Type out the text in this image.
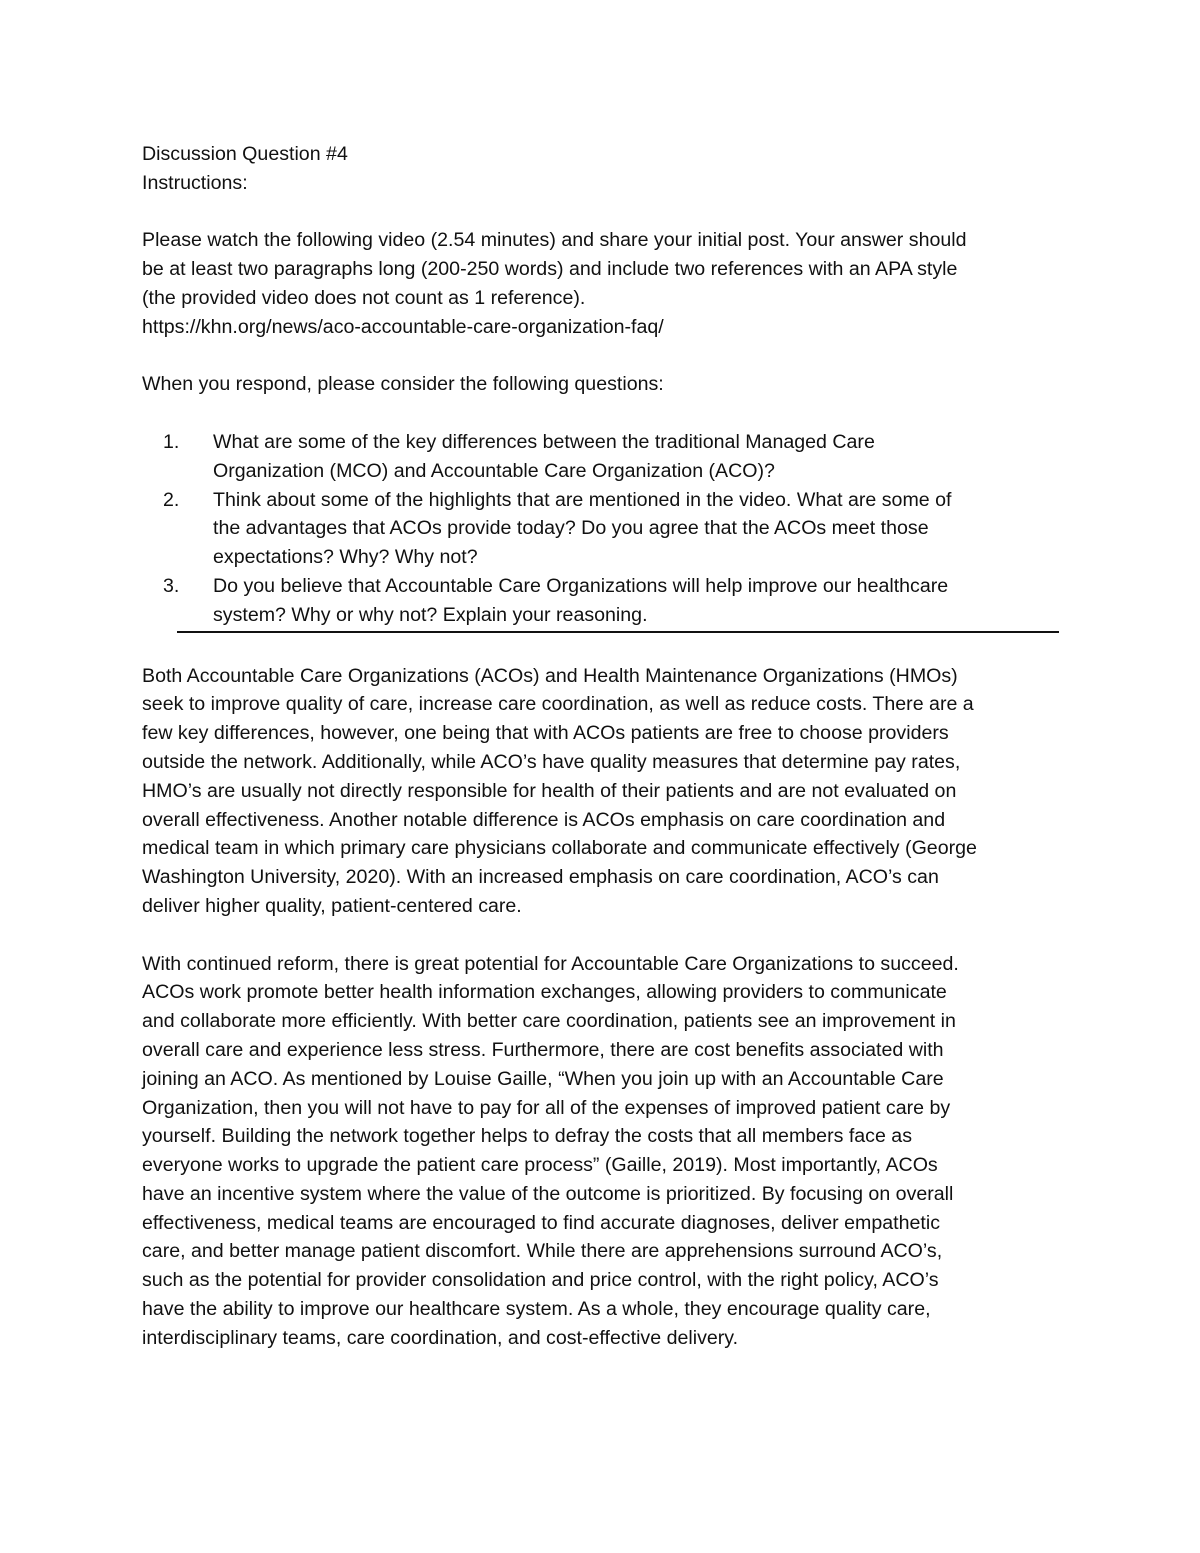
Discussion Question #4
Instructions:
Please watch the following video (2.54 minutes) and share your initial post. Your answer should
be at least two paragraphs long (200-250 words) and include two references with an APA style
(the provided video does not count as 1 reference).
https://khn.org/news/aco-accountable-care-organization-faq/
When you respond, please consider the following questions:
1. What are some of the key differences between the traditional Managed Care
Organization (MCO) and Accountable Care Organization (ACO)?
2. Think about some of the highlights that are mentioned in the video. What are some of
the advantages that ACOs provide today? Do you agree that the ACOs meet those
expectations? Why? Why not?
3. Do you believe that Accountable Care Organizations will help improve our healthcare
system? Why or why not? Explain your reasoning.
Both Accountable Care Organizations (ACOs) and Health Maintenance Organizations (HMOs)
seek to improve quality of care, increase care coordination, as well as reduce costs. There are a
few key differences, however, one being that with ACOs patients are free to choose providers
outside the network. Additionally, while ACO’s have quality measures that determine pay rates,
HMO’s are usually not directly responsible for health of their patients and are not evaluated on
overall effectiveness. Another notable difference is ACOs emphasis on care coordination and
medical team in which primary care physicians collaborate and communicate effectively (George
Washington University, 2020). With an increased emphasis on care coordination, ACO’s can
deliver higher quality, patient-centered care.
With continued reform, there is great potential for Accountable Care Organizations to succeed.
ACOs work promote better health information exchanges, allowing providers to communicate
and collaborate more efficiently. With better care coordination, patients see an improvement in
overall care and experience less stress. Furthermore, there are cost benefits associated with
joining an ACO. As mentioned by Louise Gaille, “When you join up with an Accountable Care
Organization, then you will not have to pay for all of the expenses of improved patient care by
yourself. Building the network together helps to defray the costs that all members face as
everyone works to upgrade the patient care process” (Gaille, 2019). Most importantly, ACOs
have an incentive system where the value of the outcome is prioritized. By focusing on overall
effectiveness, medical teams are encouraged to find accurate diagnoses, deliver empathetic
care, and better manage patient discomfort. While there are apprehensions surround ACO’s,
such as the potential for provider consolidation and price control, with the right policy, ACO’s
have the ability to improve our healthcare system. As a whole, they encourage quality care,
interdisciplinary teams, care coordination, and cost-effective delivery.
